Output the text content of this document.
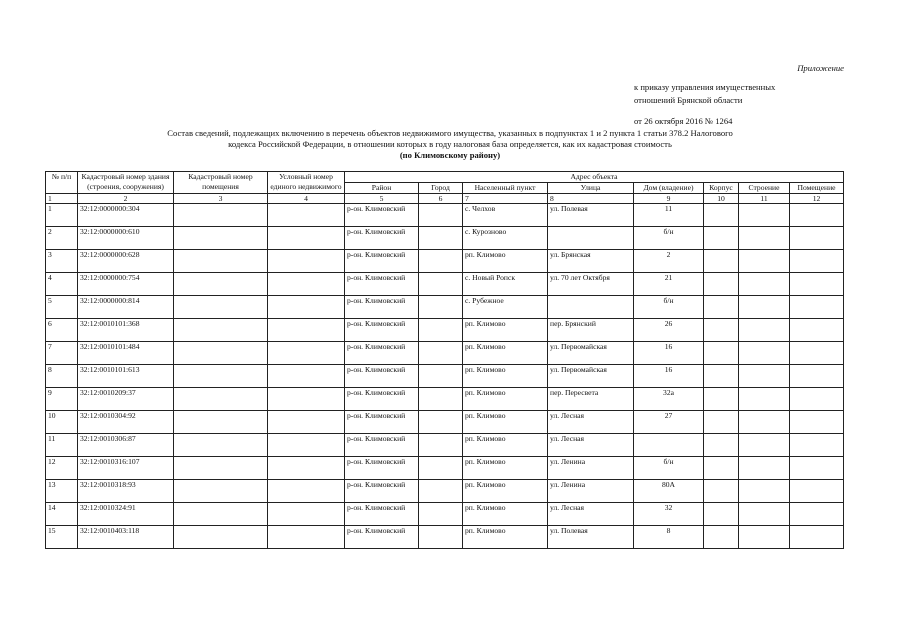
Приложение
к приказу управления имущественных
отношений Брянской области
от 26 октября 2016 № 1264
Состав сведений, подлежащих включению в перечень объектов недвижимого имущества, указанных в подпунктах 1 и 2 пункта 1 статьи 378.2 Налогового
кодекса Российской Федерации, в отношении которых в году налоговая база определяется, как их кадастровая стоимость
(по Климовскому району)
№ п/п	Кадастровый номер здания (строения, сооружения)	Кадастровый номер помещения	Условный номер единого недвижимого	Адрес объекта							
				Район	Город	Населенный пункт	Улица	Дом (владение)	Корпус	Строение	Помещение
1	2	3	4	5	6	7	8	9	10	11	12
1	32:12:0000000:304			р-он. Климовский		с. Челхов	ул. Полевая	11			
2	32:12:0000000:610			р-он. Климовский		с. Курозново		б/н			
3	32:12:0000000:628			р-он. Климовский		рп. Климово	ул. Брянская	2			
4	32:12:0000000:754			р-он. Климовский		с. Новый Ропск	ул. 70 лет Октября	21			
5	32:12:0000000:814			р-он. Климовский		с. Рубежное		б/н			
6	32:12:0010101:368			р-он. Климовский		рп. Климово	пер. Брянский	26			
7	32:12:0010101:484			р-он. Климовский		рп. Климово	ул. Первомайская	16			
8	32:12:0010101:613			р-он. Климовский		рп. Климово	ул. Первомайская	16			
9	32:12:0010209:37			р-он. Климовский		рп. Климово	пер. Пересвета	32а			
10	32:12:0010304:92			р-он. Климовский		рп. Климово	ул. Лесная	27			
11	32:12:0010306:87			р-он. Климовский		рп. Климово	ул. Лесная				
12	32:12:0010316:107			р-он. Климовский		рп. Климово	ул. Ленина	б/н			
13	32:12:0010318:93			р-он. Климовский		рп. Климово	ул. Ленина	80А			
14	32:12:0010324:91			р-он. Климовский		рп. Климово	ул. Лесная	32			
15	32:12:0010403:118			р-он. Климовский		рп. Климово	ул. Полевая	8			
